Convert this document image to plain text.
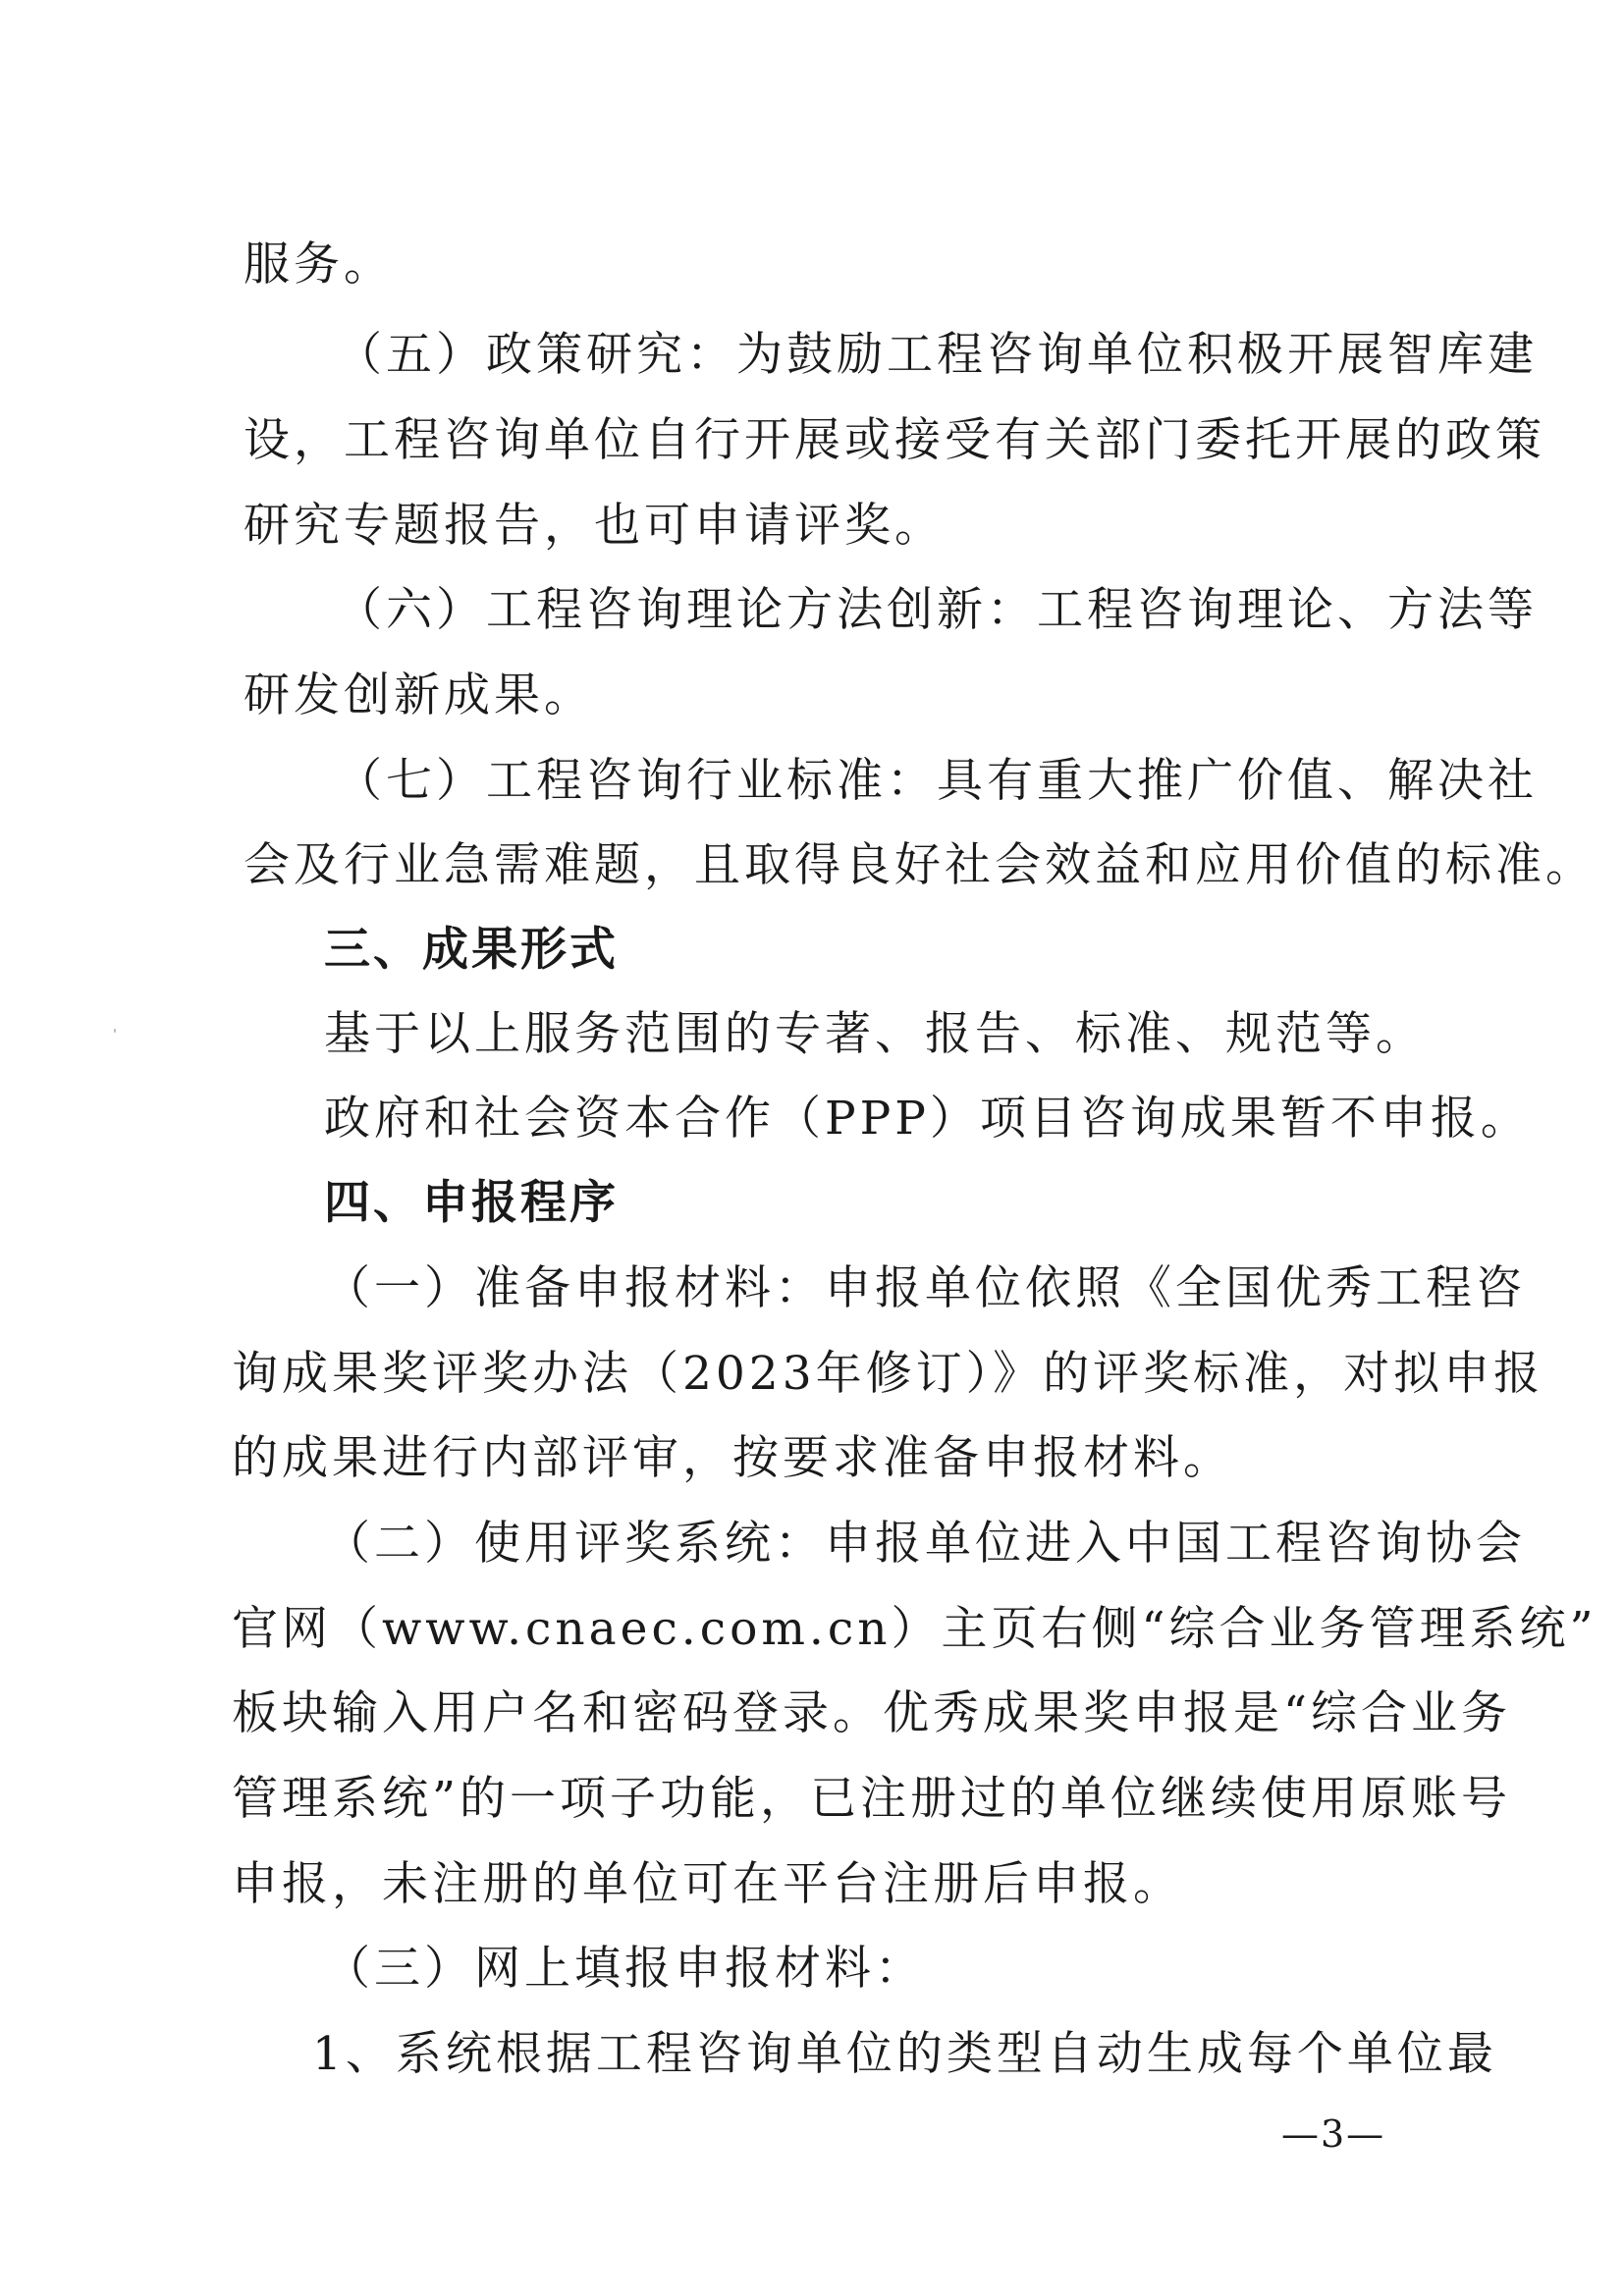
服务。
（五）政策研究：为鼓励工程咨询单位积极开展智库建
设，工程咨询单位自行开展或接受有关部门委托开展的政策
研究专题报告，也可申请评奖。
（六）工程咨询理论方法创新：工程咨询理论、方法等
研发创新成果。
（七）工程咨询行业标准：具有重大推广价值、解决社
会及行业急需难题，且取得良好社会效益和应用价值的标准。
三、成果形式
基于以上服务范围的专著、报告、标准、规范等。
政府和社会资本合作（PPP）项目咨询成果暂不申报。
四、申报程序
（一）准备申报材料：申报单位依照《全国优秀工程咨
询成果奖评奖办法（2023年修订）》的评奖标准，对拟申报
的成果进行内部评审，按要求准备申报材料。
（二）使用评奖系统：申报单位进入中国工程咨询协会
官网（www.cnaec.com.cn）主页右侧“综合业务管理系统”
板块输入用户名和密码登录。优秀成果奖申报是“综合业务
管理系统”的一项子功能，已注册过的单位继续使用原账号
申报，未注册的单位可在平台注册后申报。
（三）网上填报申报材料：
1、系统根据工程咨询单位的类型自动生成每个单位最
—3—
